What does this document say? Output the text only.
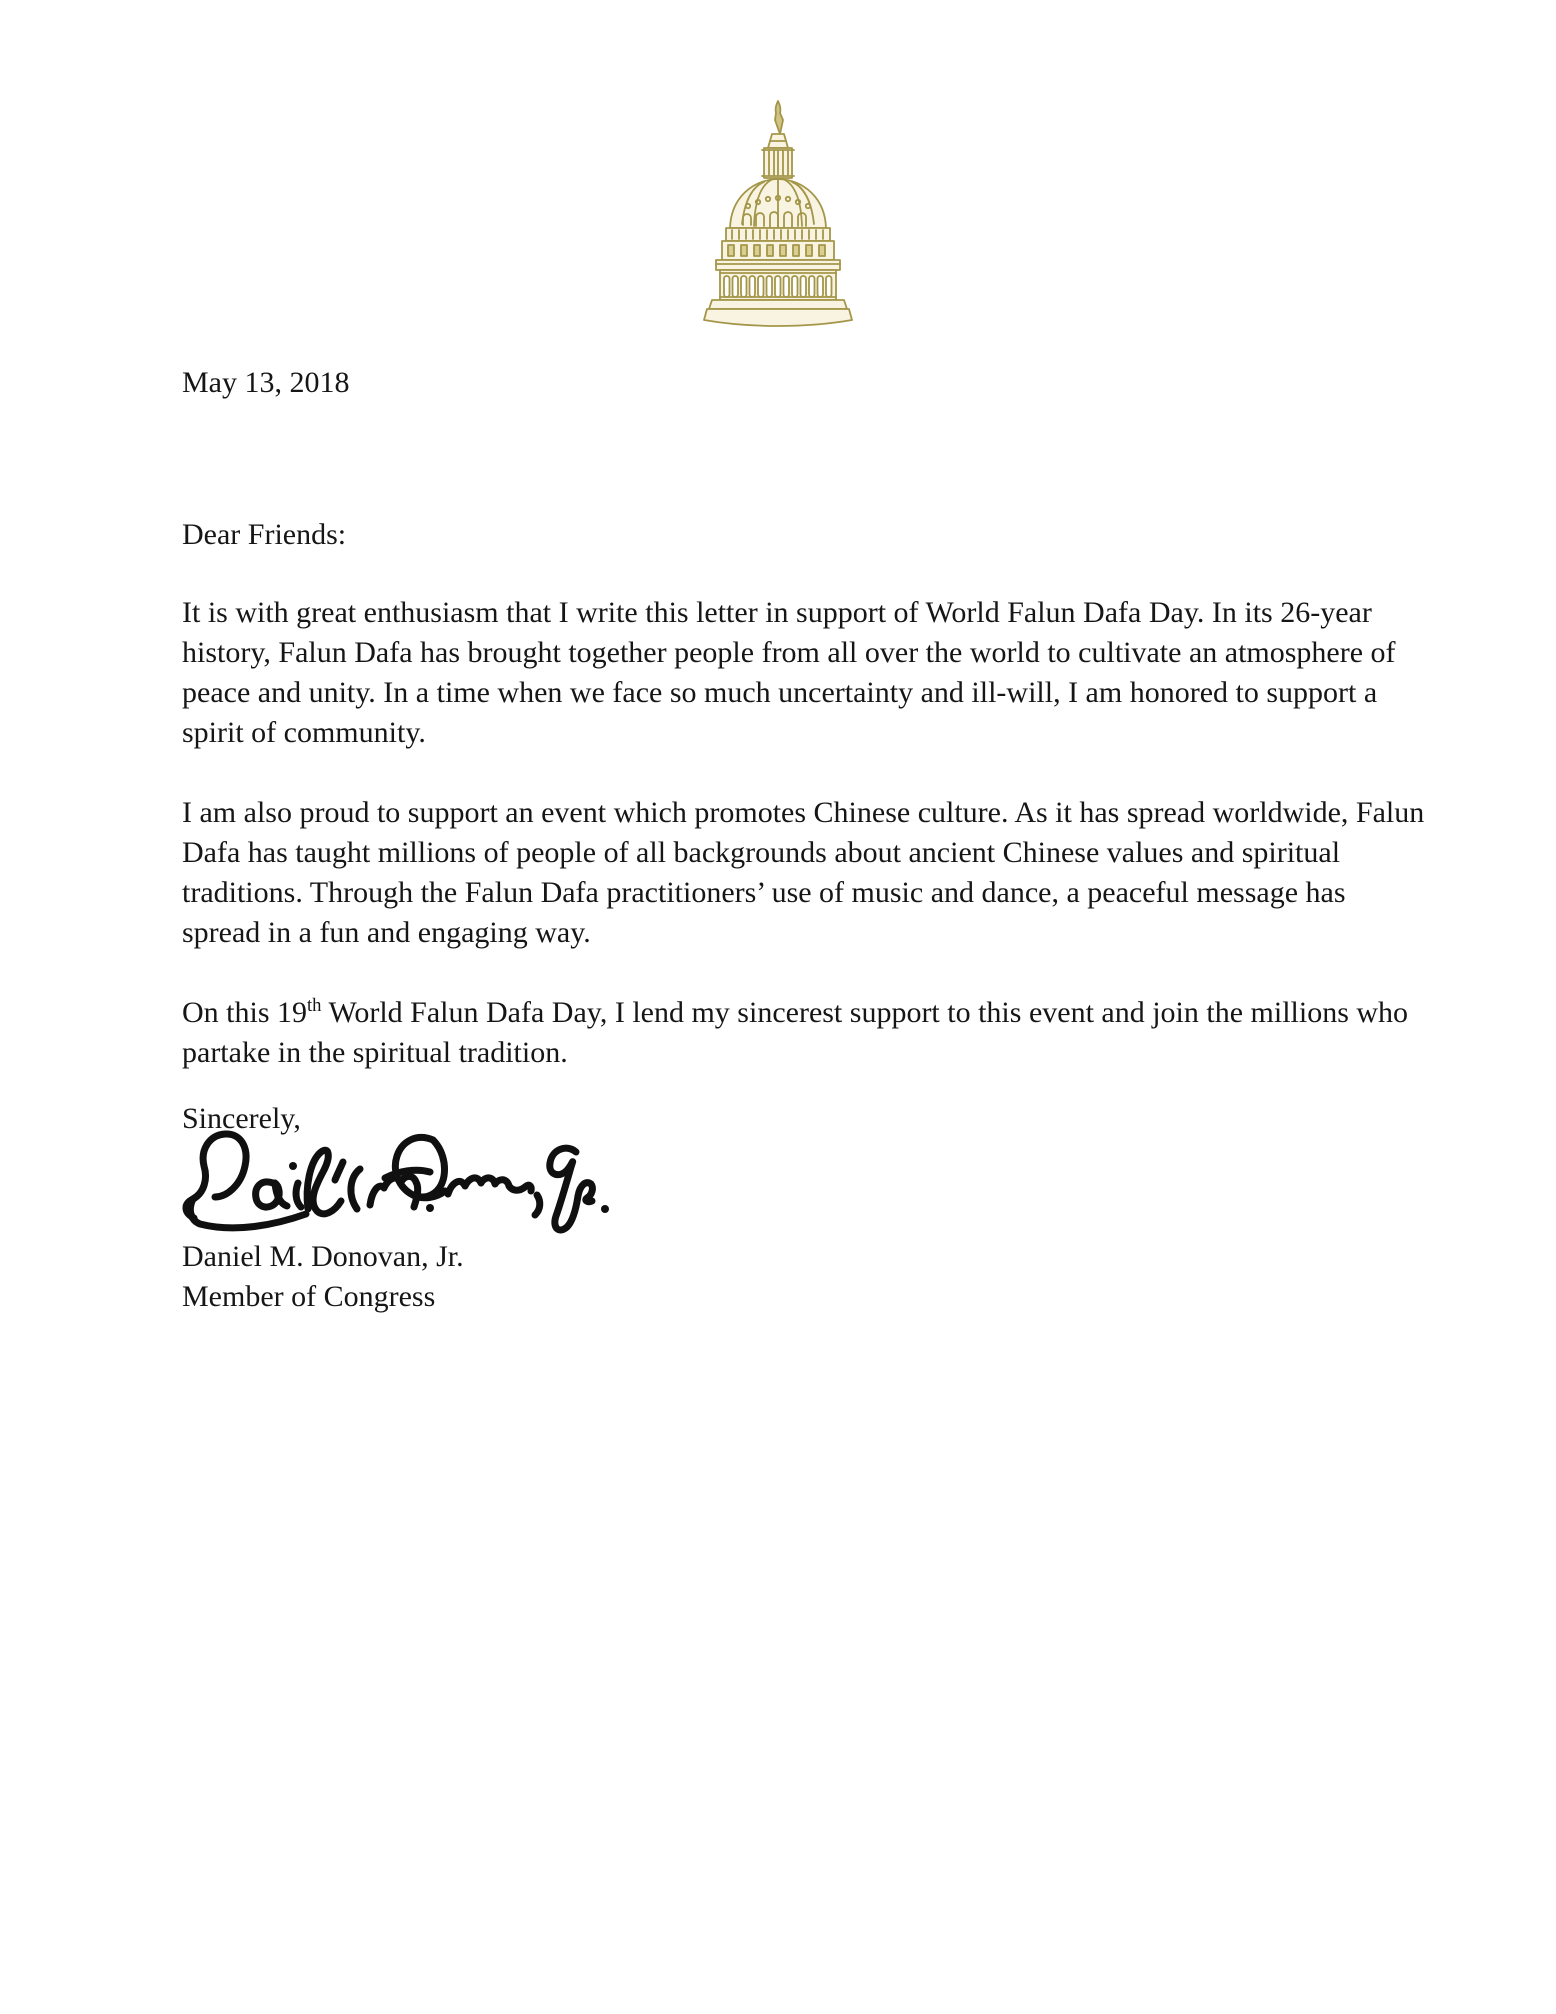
May 13, 2018

Dear Friends:

It is with great enthusiasm that I write this letter in support of World Falun Dafa Day. In its 26-year history, Falun Dafa has brought together people from all over the world to cultivate an atmosphere of peace and unity. In a time when we face so much uncertainty and ill-will, I am honored to support a spirit of community.

I am also proud to support an event which promotes Chinese culture. As it has spread worldwide, Falun Dafa has taught millions of people of all backgrounds about ancient Chinese values and spiritual traditions. Through the Falun Dafa practitioners’ use of music and dance, a peaceful message has spread in a fun and engaging way.

On this 19th World Falun Dafa Day, I lend my sincerest support to this event and join the millions who partake in the spiritual tradition.

Sincerely,

Daniel M. Donovan, Jr.

Member of Congress
